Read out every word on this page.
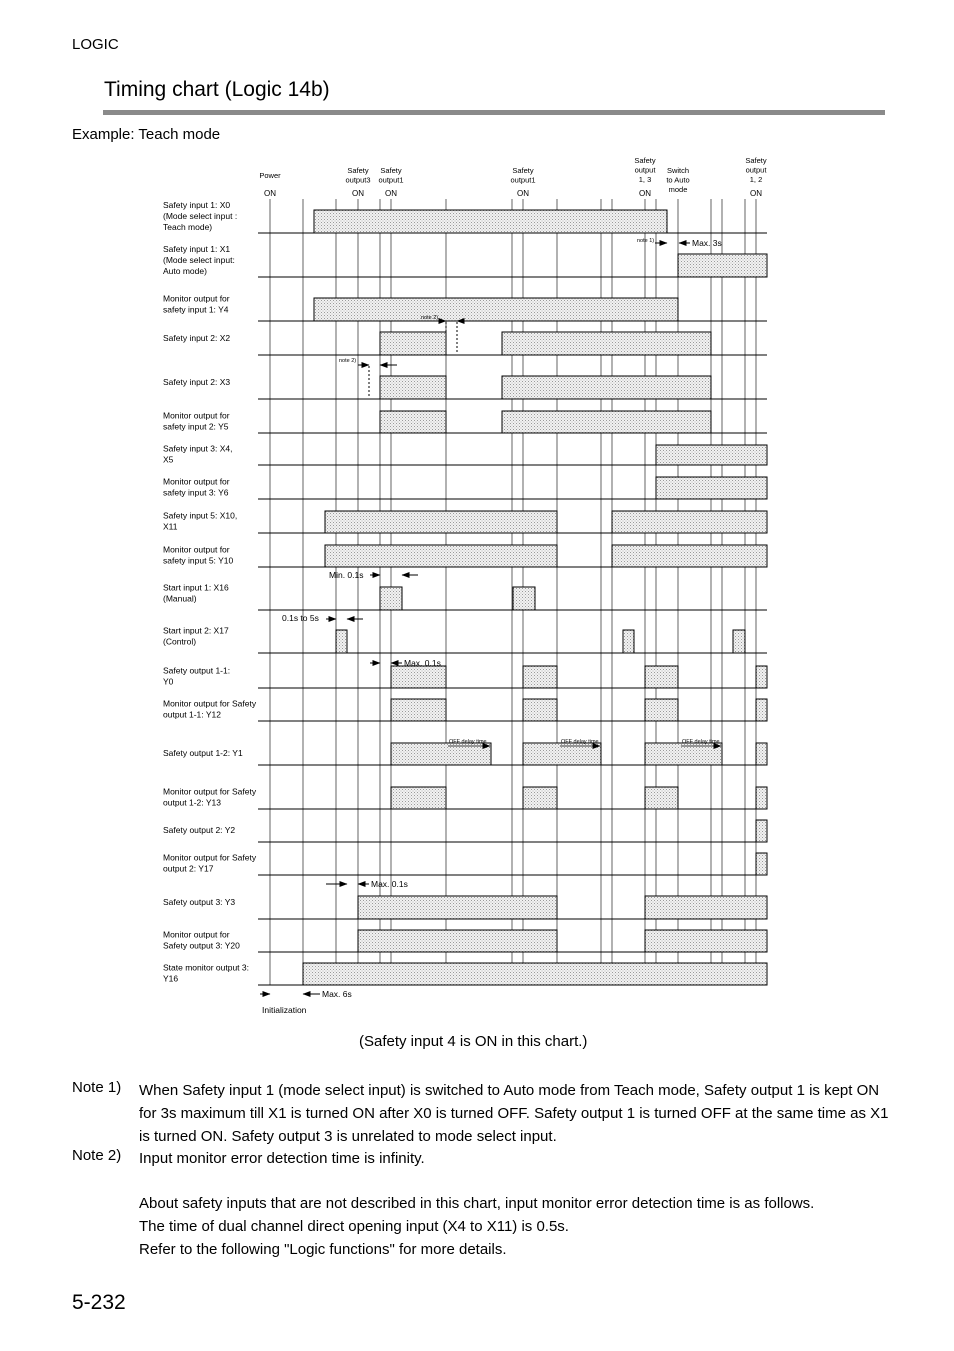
LOGIC
Timing chart (Logic 14b)
Example: Teach mode
Power
ON
Safety
output3
ON
Safety
output1
ON
Safety
output1
ON
Safety
output
1, 3
ON
Switch
to Auto
mode
Safety
output
1, 2
ON
Safety input 1: X0
(Mode select input :
Teach mode)
Safety input 1: X1
(Mode select input:
Auto mode)
Monitor output for
safety input 1: Y4
Safety input 2: X2
Safety input 2: X3
Monitor output for
safety input 2: Y5
Safety input 3: X4,
X5
Monitor output for
safety input 3: Y6
Safety input 5: X10,
X11
Monitor output for
safety input 5: Y10
Start input 1: X16
(Manual)
Start input 2: X17
(Control)
Safety output 1-1:
Y0
Monitor output for Safety
output 1-1: Y12
Safety output 1-2: Y1
Monitor output for Safety
output 1-2: Y13
Safety output 2: Y2
Monitor output for Safety
output 2: Y17
Safety output 3: Y3
Monitor output for
Safety output 3: Y20
State monitor output 3:
Y16
note 1)	Max. 3s
note 2)
note 2)
Min. 0.1s
0.1s to 5s
Max. 0.1s
OFF delay time	OFF delay time	OFF delay time
Max. 0.1s
Max. 6s
Initialization
(Safety input 4 is ON in this chart.)
Note 1) When Safety input 1 (mode select input) is switched to Auto mode from Teach mode, Safety output 1 is kept ON for 3s maximum till X1 is turned ON after X0 is turned OFF. Safety output 1 is turned OFF at the same time as X1 is turned ON. Safety output 3 is unrelated to mode select input.
Note 2) Input monitor error detection time is infinity.
About safety inputs that are not described in this chart, input monitor error detection time is as follows.
The time of dual channel direct opening input (X4 to X11) is 0.5s.
Refer to the following "Logic functions" for more details.
5-232
